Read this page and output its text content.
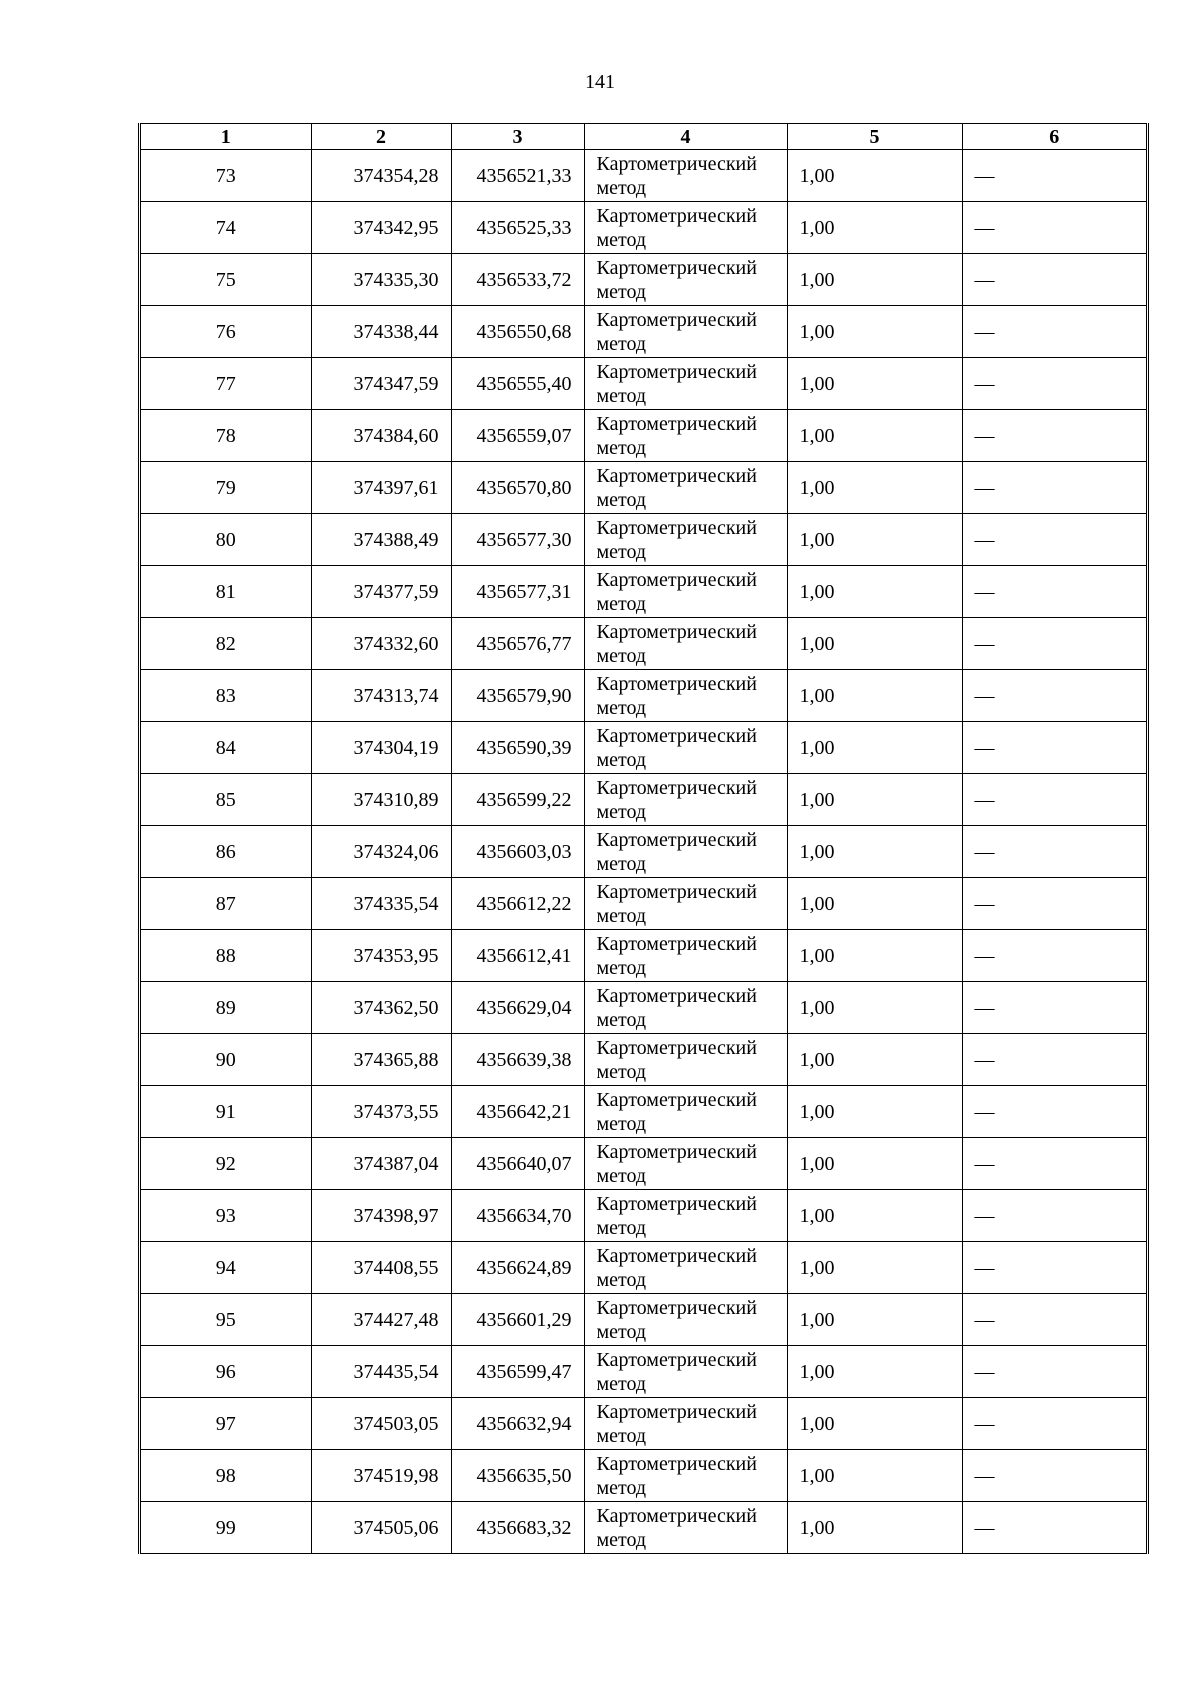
141
1	2	3	4	5	6
73	374354,28	4356521,33	Картометрический метод	1,00	—
74	374342,95	4356525,33	Картометрический метод	1,00	—
75	374335,30	4356533,72	Картометрический метод	1,00	—
76	374338,44	4356550,68	Картометрический метод	1,00	—
77	374347,59	4356555,40	Картометрический метод	1,00	—
78	374384,60	4356559,07	Картометрический метод	1,00	—
79	374397,61	4356570,80	Картометрический метод	1,00	—
80	374388,49	4356577,30	Картометрический метод	1,00	—
81	374377,59	4356577,31	Картометрический метод	1,00	—
82	374332,60	4356576,77	Картометрический метод	1,00	—
83	374313,74	4356579,90	Картометрический метод	1,00	—
84	374304,19	4356590,39	Картометрический метод	1,00	—
85	374310,89	4356599,22	Картометрический метод	1,00	—
86	374324,06	4356603,03	Картометрический метод	1,00	—
87	374335,54	4356612,22	Картометрический метод	1,00	—
88	374353,95	4356612,41	Картометрический метод	1,00	—
89	374362,50	4356629,04	Картометрический метод	1,00	—
90	374365,88	4356639,38	Картометрический метод	1,00	—
91	374373,55	4356642,21	Картометрический метод	1,00	—
92	374387,04	4356640,07	Картометрический метод	1,00	—
93	374398,97	4356634,70	Картометрический метод	1,00	—
94	374408,55	4356624,89	Картометрический метод	1,00	—
95	374427,48	4356601,29	Картометрический метод	1,00	—
96	374435,54	4356599,47	Картометрический метод	1,00	—
97	374503,05	4356632,94	Картометрический метод	1,00	—
98	374519,98	4356635,50	Картометрический метод	1,00	—
99	374505,06	4356683,32	Картометрический метод	1,00	—
